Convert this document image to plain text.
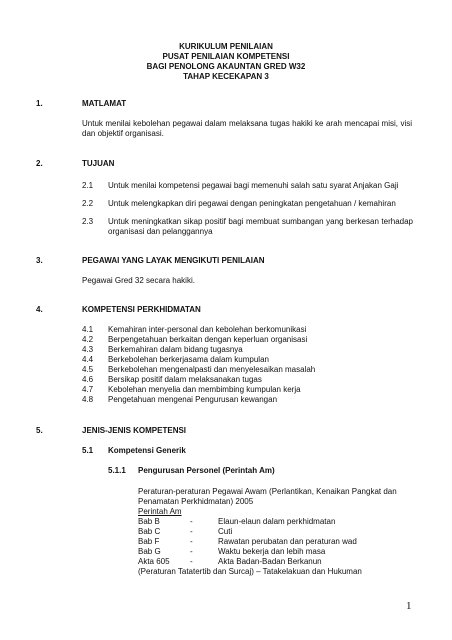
KURIKULUM PENILAIAN
PUSAT PENILAIAN KOMPETENSI
BAGI PENOLONG AKAUNTAN GRED W32
TAHAP KECEKAPAN 3
1.	MATLAMAT
Untuk menilai kebolehan pegawai dalam melaksana tugas hakiki ke arah mencapai misi, visi dan objektif organisasi.
2.	TUJUAN
2.1 Untuk menilai kompetensi pegawai bagi memenuhi salah satu syarat Anjakan Gaji
2.2 Untuk melengkapkan diri pegawai dengan peningkatan pengetahuan / kemahiran
2.3 Untuk meningkatkan sikap positif bagi membuat sumbangan yang berkesan terhadap organisasi dan pelanggannya
3.	PEGAWAI YANG LAYAK MENGIKUTI PENILAIAN
Pegawai Gred 32 secara hakiki.
4.	KOMPETENSI PERKHIDMATAN
4.1 Kemahiran inter-personal dan kebolehan berkomunikasi
4.2 Berpengetahuan berkaitan dengan keperluan organisasi
4.3 Berkemahiran dalam bidang tugasnya
4.4 Berkebolehan berkerjasama dalam kumpulan
4.5 Berkebolehan mengenalpasti dan menyelesaikan masalah
4.6 Bersikap positif dalam melaksanakan tugas
4.7 Kebolehan menyelia dan membimbing kumpulan kerja
4.8 Pengetahuan mengenai Pengurusan kewangan
5.	JENIS-JENIS KOMPETENSI
5.1 Kompetensi Generik
5.1.1 Pengurusan Personel (Perintah Am)
Peraturan-peraturan Pegawai Awam (Perlantikan, Kenaikan Pangkat dan Penamatan Perkhidmatan) 2005
Perintah Am
Bab B	-	Elaun-elaun dalam perkhidmatan
Bab C	-	Cuti
Bab F	-	Rawatan perubatan dan peraturan wad
Bab G	-	Waktu bekerja dan lebih masa
Akta 605	-	Akta Badan-Badan Berkanun
(Peraturan Tatatertib dan Surcaj) – Tatakelakuan dan Hukuman
1
